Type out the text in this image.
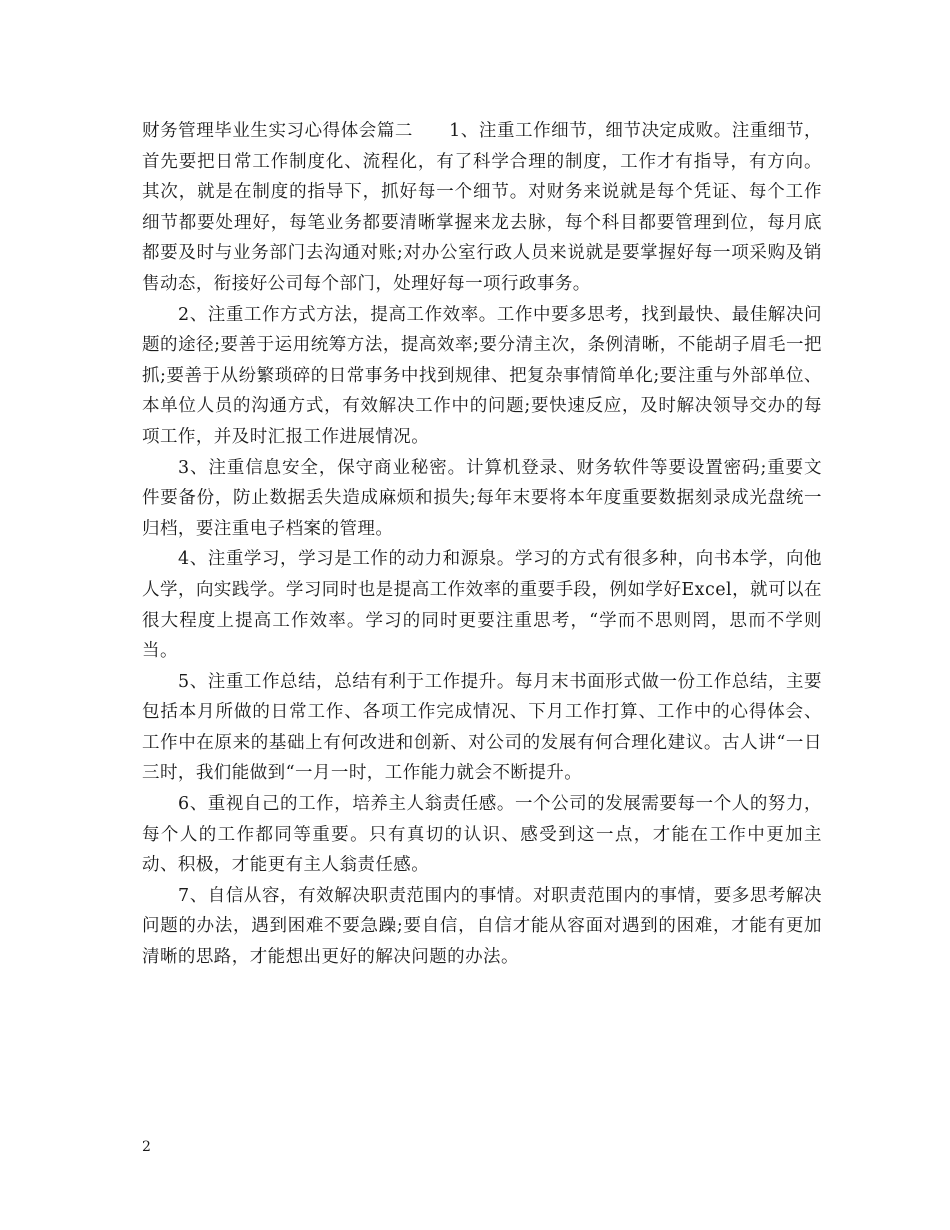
财务管理毕业生实习心得体会篇二　　1、注重工作细节，细节决定成败。注重细节，首先要把日常工作制度化、流程化，有了科学合理的制度，工作才有指导，有方向。其次，就是在制度的指导下，抓好每一个细节。对财务来说就是每个凭证、每个工作细节都要处理好，每笔业务都要清晰掌握来龙去脉，每个科目都要管理到位，每月底都要及时与业务部门去沟通对账;对办公室行政人员来说就是要掌握好每一项采购及销售动态，衔接好公司每个部门，处理好每一项行政事务。

2、注重工作方式方法，提高工作效率。工作中要多思考，找到最快、最佳解决问题的途径;要善于运用统筹方法，提高效率;要分清主次，条例清晰，不能胡子眉毛一把抓;要善于从纷繁琐碎的日常事务中找到规律、把复杂事情简单化;要注重与外部单位、本单位人员的沟通方式，有效解决工作中的问题;要快速反应，及时解决领导交办的每项工作，并及时汇报工作进展情况。

3、注重信息安全，保守商业秘密。计算机登录、财务软件等要设置密码;重要文件要备份，防止数据丢失造成麻烦和损失;每年末要将本年度重要数据刻录成光盘统一归档，要注重电子档案的管理。

4、注重学习，学习是工作的动力和源泉。学习的方式有很多种，向书本学，向他人学，向实践学。学习同时也是提高工作效率的重要手段，例如学好Excel，就可以在很大程度上提高工作效率。学习的同时更要注重思考，“学而不思则罔，思而不学则当。

5、注重工作总结，总结有利于工作提升。每月末书面形式做一份工作总结，主要包括本月所做的日常工作、各项工作完成情况、下月工作打算、工作中的心得体会、工作中在原来的基础上有何改进和创新、对公司的发展有何合理化建议。古人讲“一日三时，我们能做到“一月一时，工作能力就会不断提升。

6、重视自己的工作，培养主人翁责任感。一个公司的发展需要每一个人的努力，每个人的工作都同等重要。只有真切的认识、感受到这一点，才能在工作中更加主动、积极，才能更有主人翁责任感。

7、自信从容，有效解决职责范围内的事情。对职责范围内的事情，要多思考解决问题的办法，遇到困难不要急躁;要自信，自信才能从容面对遇到的困难，才能有更加清晰的思路，才能想出更好的解决问题的办法。

2
